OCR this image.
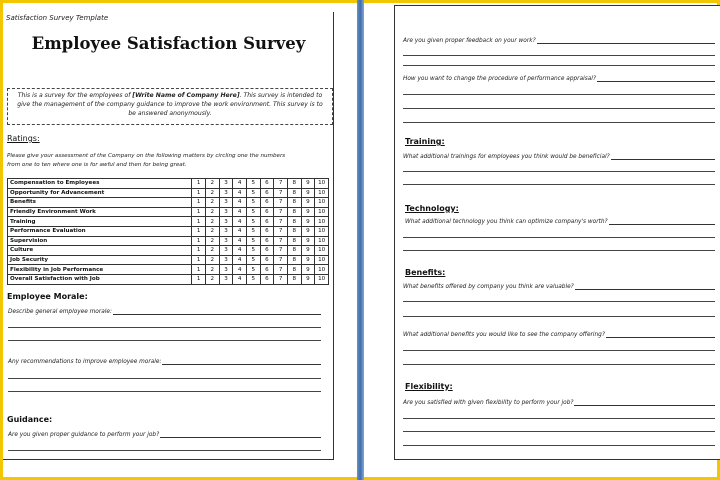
Satisfaction Survey Template
Employee Satisfaction Survey
This is a survey for the employees of [Write Name of Company Here]. This survey is intended to give the management of the company guidance to improve the work environment. This survey is to be answered anonymously.
Ratings:
Please give your assessment of the Company on the following matters by circling one the numbers
from one to ten where one is for awful and then for being great.
Compensation to Employees	1	2	3	4	5	6	7	8	9	10
Opportunity for Advancement	1	2	3	4	5	6	7	8	9	10
Benefits	1	2	3	4	5	6	7	8	9	10
Friendly Environment Work	1	2	3	4	5	6	7	8	9	10
Training	1	2	3	4	5	6	7	8	9	10
Performance Evaluation	1	2	3	4	5	6	7	8	9	10
Supervision	1	2	3	4	5	6	7	8	9	10
Culture	1	2	3	4	5	6	7	8	9	10
Job Security	1	2	3	4	5	6	7	8	9	10
Flexibility in Job Performance	1	2	3	4	5	6	7	8	9	10
Overall Satisfaction with Job	1	2	3	4	5	6	7	8	9	10
Employee Morale:
Describe general employee morale:
Any recommendations to improve employee morale:
Guidance:
Are you given proper guidance to perform your job?
Are you given proper feedback on your work?
How you want to change the procedure of performance appraisal?
Training:
What additional trainings for employees you think would be beneficial?
Technology:
What additional technology you think can optimize company's worth?
Benefits:
What benefits offered by company you think are valuable?
What additional benefits you would like to see the company offering?
Flexibility:
Are you satisfied with given flexibility to perform your job?
